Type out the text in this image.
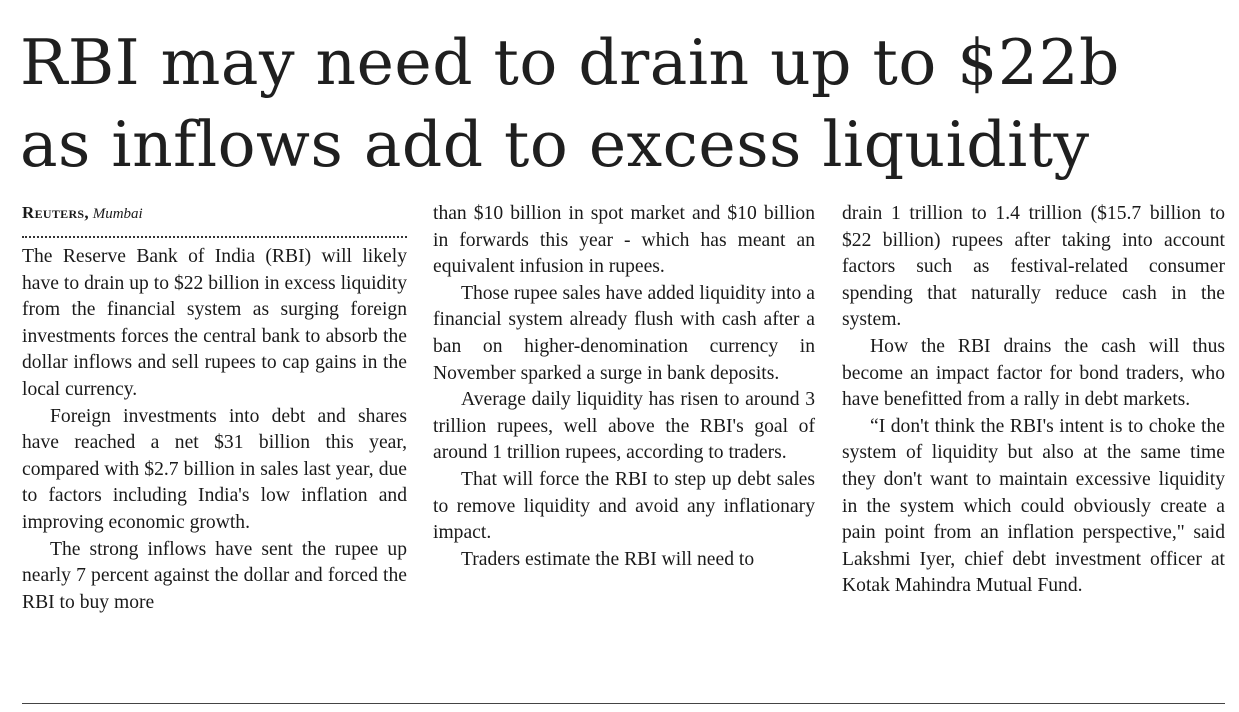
RBI may need to drain up to $22b
as inflows add to excess liquidity
Reuters, Mumbai

The Reserve Bank of India (RBI) will likely have to drain up to $22 billion in excess liquidity from the financial system as surging foreign investments forces the central bank to absorb the dollar inflows and sell rupees to cap gains in the local currency.

Foreign investments into debt and shares have reached a net $31 billion this year, compared with $2.7 billion in sales last year, due to factors including India's low inflation and improving economic growth.

The strong inflows have sent the rupee up nearly 7 percent against the dollar and forced the RBI to buy more

than $10 billion in spot market and $10 billion in forwards this year - which has meant an equivalent infusion in rupees.

Those rupee sales have added liquidity into a financial system already flush with cash after a ban on higher-denomination currency in November sparked a surge in bank deposits.

Average daily liquidity has risen to around 3 trillion rupees, well above the RBI's goal of around 1 trillion rupees, according to traders.

That will force the RBI to step up debt sales to remove liquidity and avoid any inflationary impact.

Traders estimate the RBI will need to

drain 1 trillion to 1.4 trillion ($15.7 billion to $22 billion) rupees after taking into account factors such as festival-related consumer spending that naturally reduce cash in the system.

How the RBI drains the cash will thus become an impact factor for bond traders, who have benefitted from a rally in debt markets.

“I don't think the RBI's intent is to choke the system of liquidity but also at the same time they don't want to maintain excessive liquidity in the system which could obviously create a pain point from an inflation perspective," said Lakshmi Iyer, chief debt investment officer at Kotak Mahindra Mutual Fund.
